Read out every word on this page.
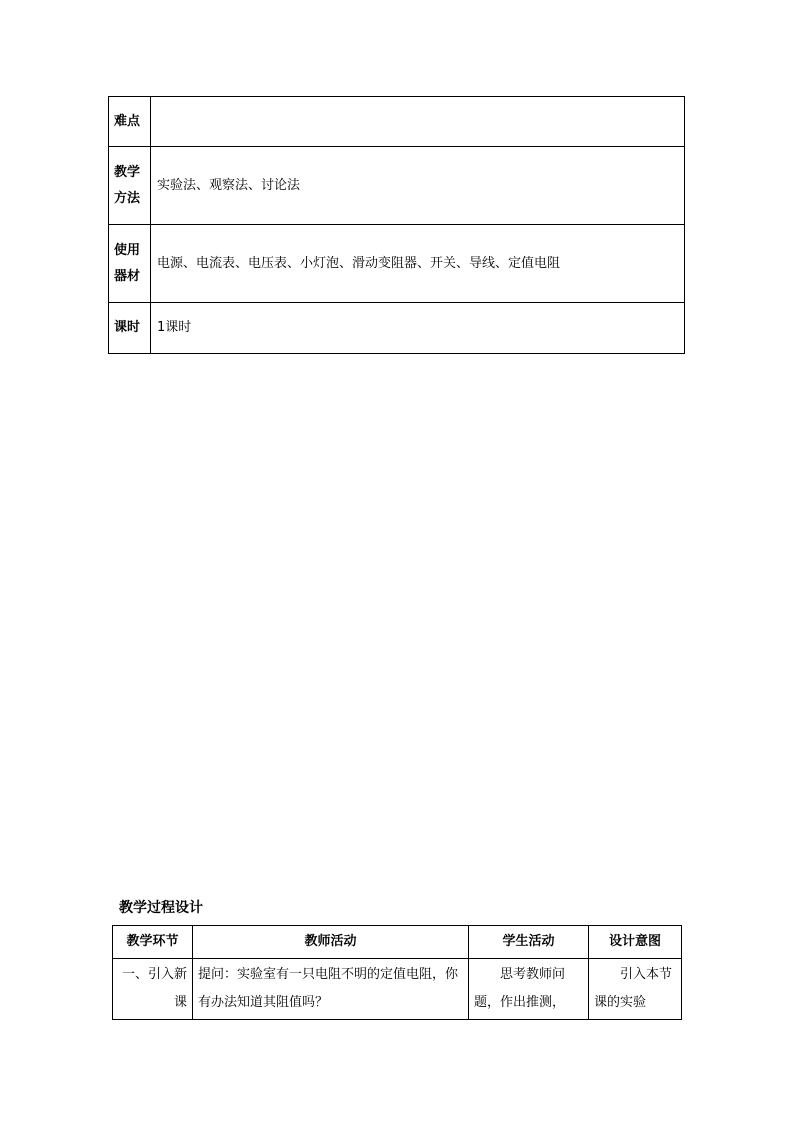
难点	
教学方法	实验法、观察法、讨论法
使用器材	电源、电流表、电压表、小灯泡、滑动变阻器、开关、导线、定值电阻
课时	1课时
教学过程设计
教学环节	教师活动	学生活动	设计意图
一、引入新课	提问：实验室有一只电阻不明的定值电阻，你有办法知道其阻值吗？	思考教师问题，作出推测，	引入本节课的实验
